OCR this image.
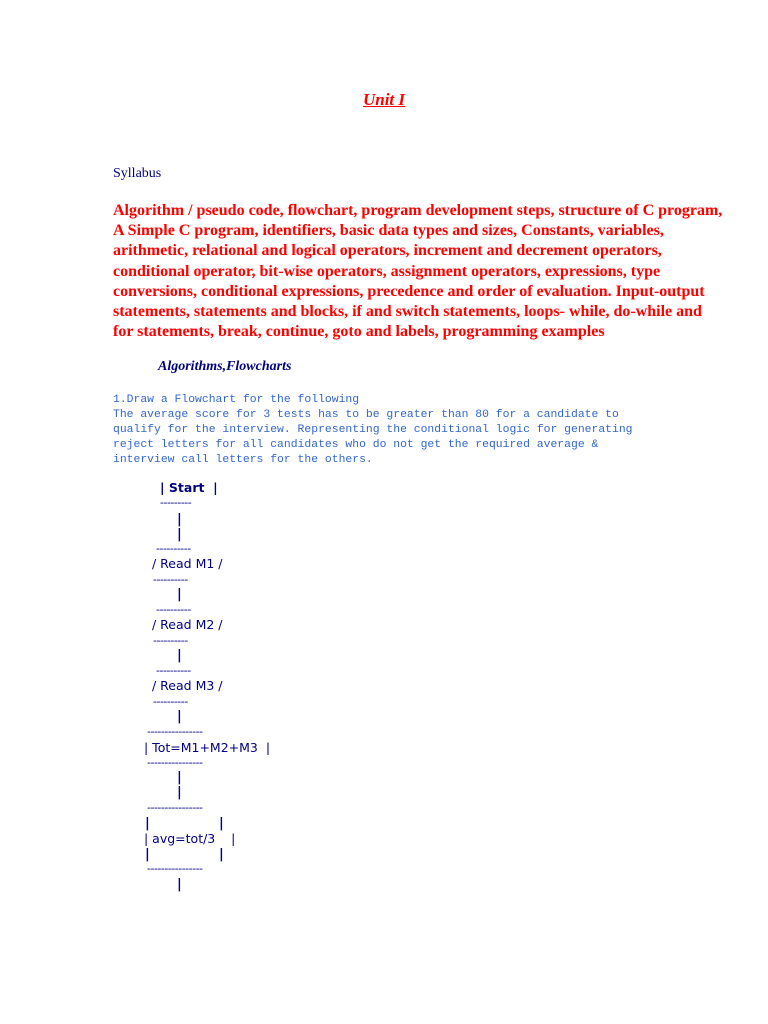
Unit I

Syllabus

Algorithm / pseudo code, flowchart, program development steps, structure of C program, A Simple C program, identifiers, basic data types and sizes, Constants, variables, arithmetic, relational and logical operators, increment and decrement operators, conditional operator, bit-wise operators, assignment operators, expressions, type conversions, conditional expressions, precedence and order of evaluation. Input-output statements, statements and blocks, if and switch statements, loops- while, do-while and for statements, break, continue, goto and labels, programming examples

Algorithms,Flowcharts
1.Draw a Flowchart for the following
The average score for 3 tests has to be greater than 80 for a candidate to
qualify for the interview. Representing the conditional logic for generating
reject letters for all candidates who do not get the required average &
interview call letters for the others.
| Start  |
---------
|
|
----------
/ Read M1 /
----------
|
----------
/ Read M2 /
----------
|
----------
/ Read M3 /
----------
|
----------------
| Tot=M1+M2+M3  |
----------------
|
|
----------------
|	|
| avg=tot/3    |
|	|
----------------
|
